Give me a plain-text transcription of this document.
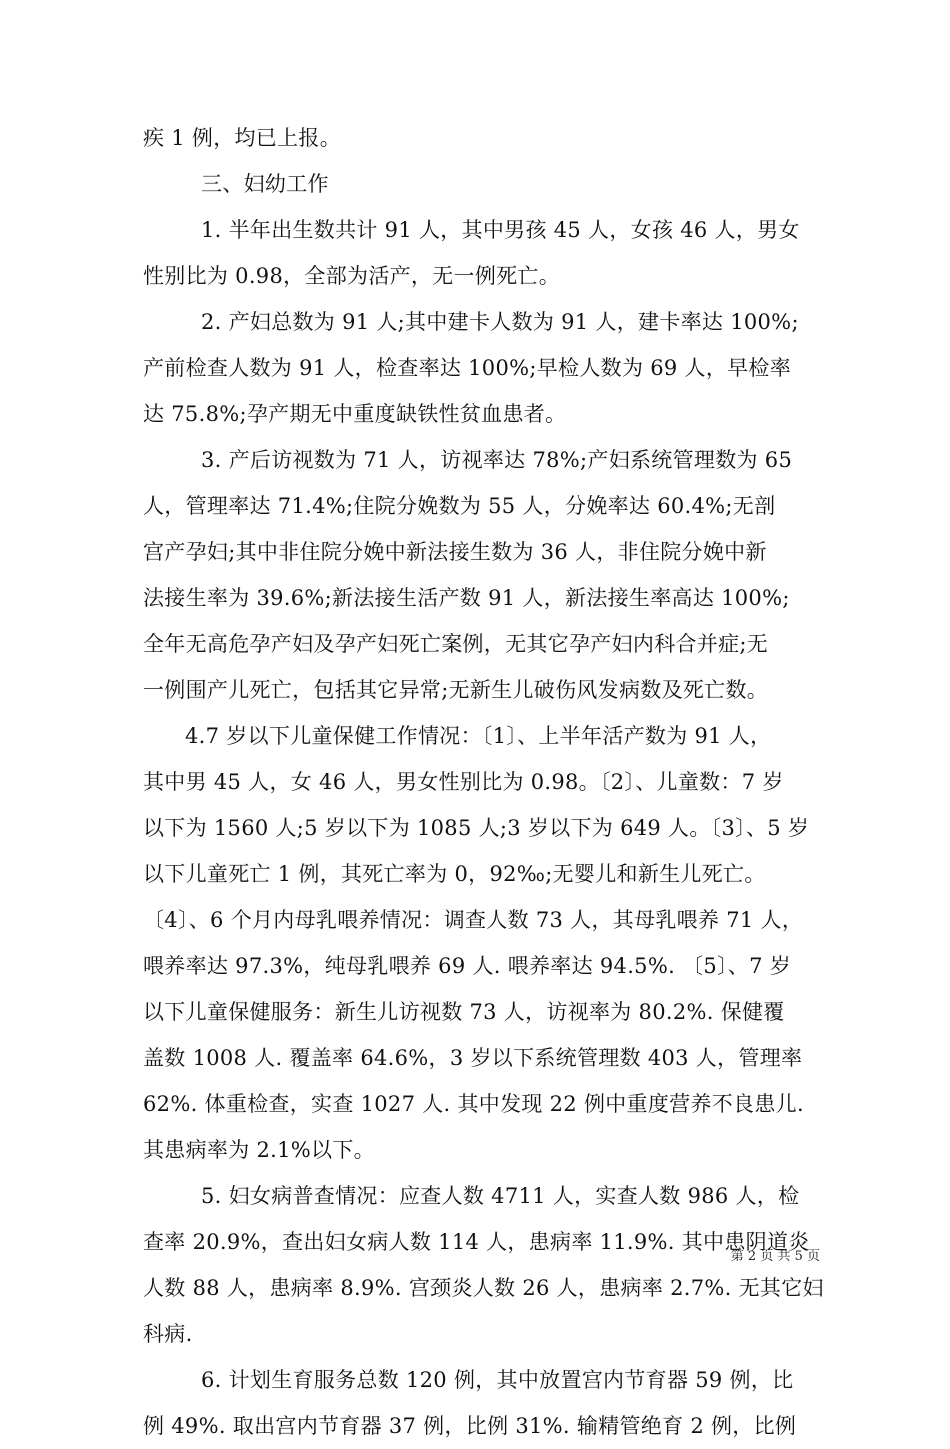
疾 1 例，均已上报。
三、妇幼工作
1. 半年出生数共计 91 人，其中男孩 45 人，女孩 46 人，男女
性别比为 0.98，全部为活产，无一例死亡。
2. 产妇总数为 91 人;其中建卡人数为 91 人，建卡率达 100%;
产前检查人数为 91 人，检查率达 100%;早检人数为 69 人，早检率
达 75.8%;孕产期无中重度缺铁性贫血患者。
3. 产后访视数为 71 人，访视率达 78%;产妇系统管理数为 65
人，管理率达 71.4%;住院分娩数为 55 人，分娩率达 60.4%;无剖
宫产孕妇;其中非住院分娩中新法接生数为 36 人，非住院分娩中新
法接生率为 39.6%;新法接生活产数 91 人，新法接生率高达 100%;
全年无高危孕产妇及孕产妇死亡案例，无其它孕产妇内科合并症;无
一例围产儿死亡，包括其它异常;无新生儿破伤风发病数及死亡数。
4.7 岁以下儿童保健工作情况：〔1〕、上半年活产数为 91 人，
其中男 45 人，女 46 人，男女性别比为 0.98。〔2〕、儿童数：7 岁
以下为 1560 人;5 岁以下为 1085 人;3 岁以下为 649 人。〔3〕、5 岁
以下儿童死亡 1 例，其死亡率为 0，92‰;无婴儿和新生儿死亡。
〔4〕、6 个月内母乳喂养情况：调查人数 73 人，其母乳喂养 71 人，
喂养率达 97.3%，纯母乳喂养 69 人. 喂养率达 94.5%. 〔5〕、7 岁
以下儿童保健服务：新生儿访视数 73 人，访视率为 80.2%. 保健覆
盖数 1008 人. 覆盖率 64.6%，3 岁以下系统管理数 403 人，管理率
62%. 体重检查，实查 1027 人. 其中发现 22 例中重度营养不良患儿.
其患病率为 2.1%以下。
5. 妇女病普查情况：应查人数 4711 人，实查人数 986 人，检
查率 20.9%，查出妇女病人数 114 人，患病率 11.9%. 其中患阴道炎
人数 88 人，患病率 8.9%. 宫颈炎人数 26 人，患病率 2.7%. 无其它妇
科病.
6. 计划生育服务总数 120 例，其中放置宫内节育器 59 例，比
例 49%. 取出宫内节育器 37 例，比例 31%. 输精管绝育 2 例，比例
第 2 页 共 5 页
